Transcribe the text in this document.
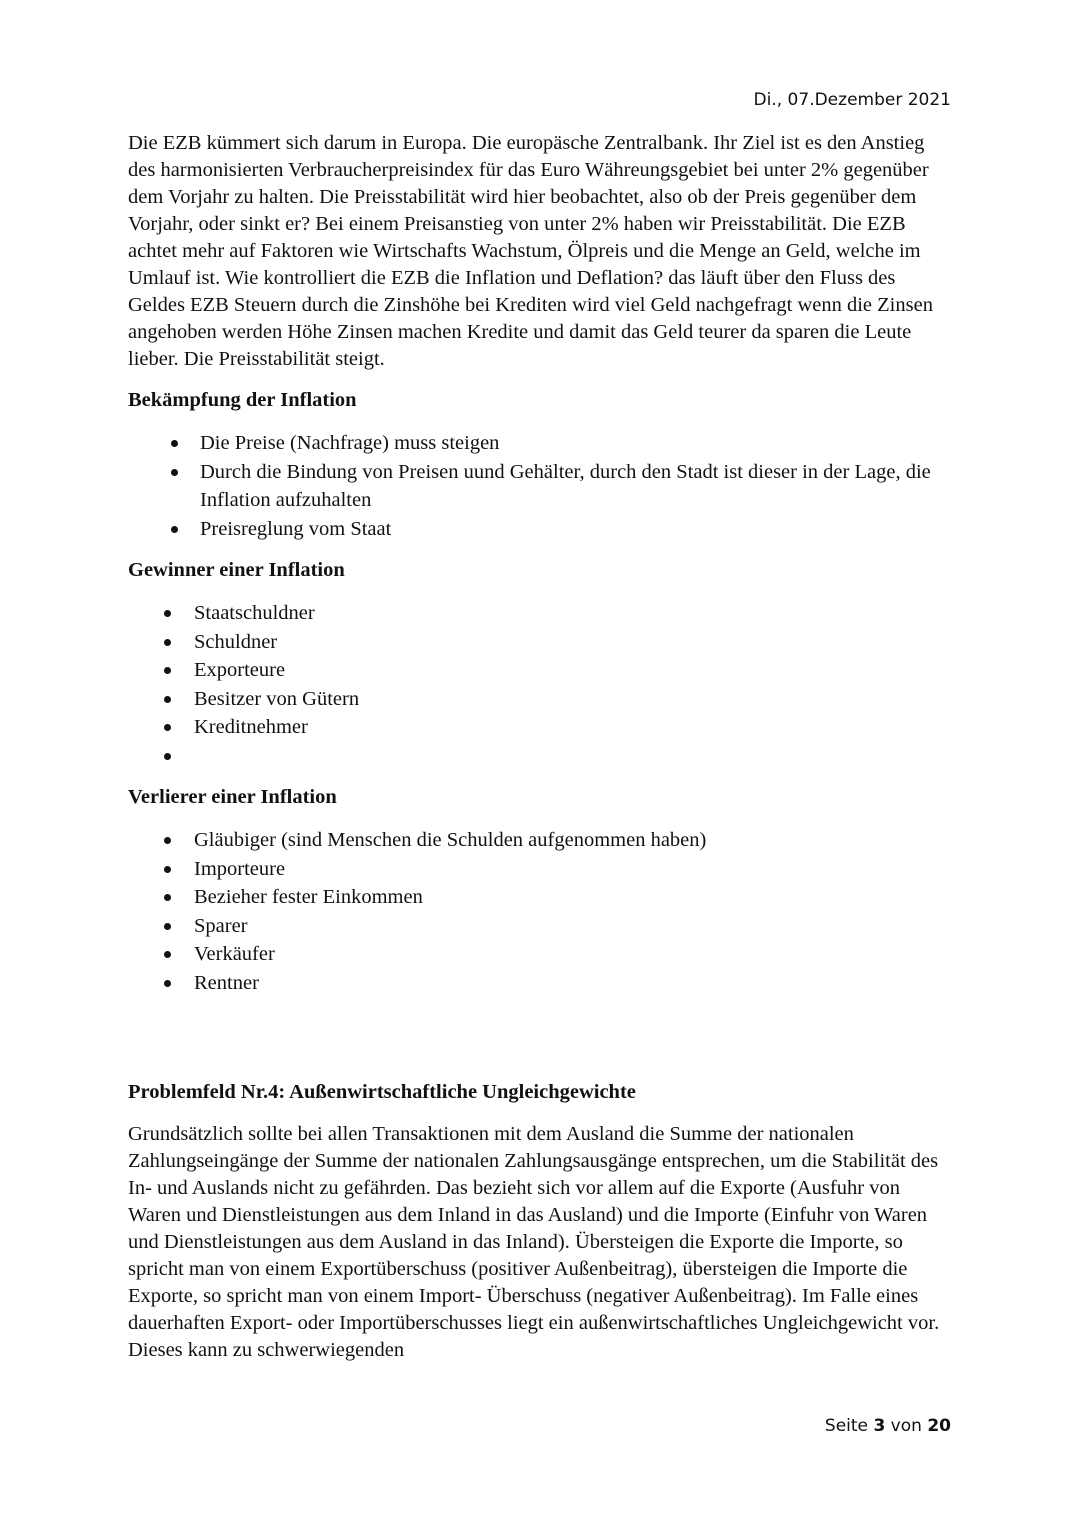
Di., 07.Dezember 2021

Die EZB kümmert sich darum in Europa. Die europäsche Zentralbank. Ihr Ziel ist es den Anstieg des harmonisierten Verbraucherpreisindex für das Euro Währeungsgebiet bei unter 2% gegenüber dem Vorjahr zu halten. Die Preisstabilität wird hier beobachtet, also ob der Preis gegenüber dem Vorjahr, oder sinkt er? Bei einem Preisanstieg von unter 2% haben wir Preisstabilität. Die EZB achtet mehr auf Faktoren wie Wirtschafts Wachstum, Ölpreis und die Menge an Geld, welche im Umlauf ist. Wie kontrolliert die EZB die Inflation und Deflation? das läuft über den Fluss des Geldes EZB Steuern durch die Zinshöhe bei Krediten wird viel Geld nachgefragt wenn die Zinsen angehoben werden Höhe Zinsen machen Kredite und damit das Geld teurer da sparen die Leute lieber. Die Preisstabilität steigt.

Bekämpfung der Inflation
Die Preise (Nachfrage) muss steigen
Durch die Bindung von Preisen uund Gehälter, durch den Stadt ist dieser in der Lage, die Inflation aufzuhalten
Preisreglung vom Staat
Gewinner einer Inflation
Staatschuldner
Schuldner
Exporteure
Besitzer von Gütern
Kreditnehmer
Verlierer einer Inflation
Gläubiger (sind Menschen die Schulden aufgenommen haben)
Importeure
Bezieher fester Einkommen
Sparer
Verkäufer
Rentner
Problemfeld Nr.4: Außenwirtschaftliche Ungleichgewichte

Grundsätzlich sollte bei allen Transaktionen mit dem Ausland die Summe der nationalen Zahlungseingänge der Summe der nationalen Zahlungsausgänge entsprechen, um die Stabilität des In- und Auslands nicht zu gefährden. Das bezieht sich vor allem auf die Exporte (Ausfuhr von Waren und Dienstleistungen aus dem Inland in das Ausland) und die Importe (Einfuhr von Waren und Dienstleistungen aus dem Ausland in das Inland). Übersteigen die Exporte die Importe, so spricht man von einem Exportüberschuss (positiver Außenbeitrag), übersteigen die Importe die Exporte, so spricht man von einem Import- Überschuss (negativer Außenbeitrag). Im Falle eines dauerhaften Export- oder Importüberschusses liegt ein außenwirtschaftliches Ungleichgewicht vor. Dieses kann zu schwerwiegenden

Seite 3 von 20
